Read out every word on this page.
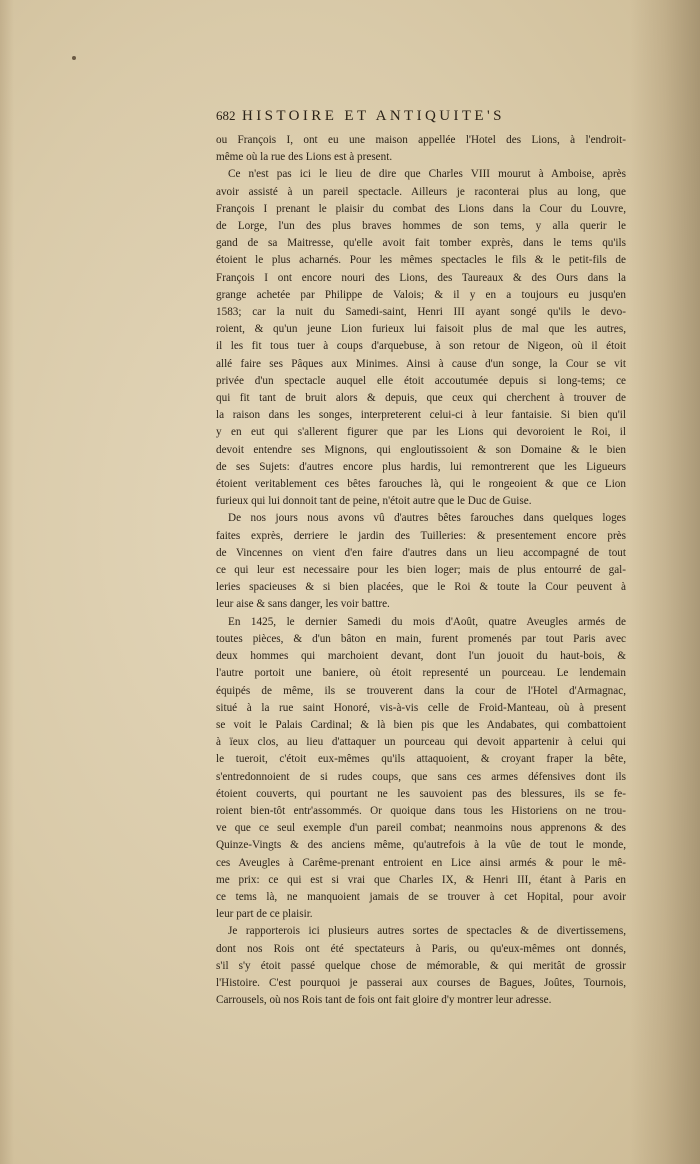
682 HISTOIRE ET ANTIQUITE'S
ou François I, ont eu une maison appellée l'Hotel des Lions, à l'endroit-
même où la rue des Lions est à present.
Ce n'est pas ici le lieu de dire que Charles VIII mourut à Amboise, après
avoir assisté à un pareil spectacle. Ailleurs je raconterai plus au long, que
François I prenant le plaisir du combat des Lions dans la Cour du Louvre,
de Lorge, l'un des plus braves hommes de son tems, y alla querir le
gand de sa Maitresse, qu'elle avoit fait tomber exprès, dans le tems qu'ils
étoient le plus acharnés. Pour les mêmes spectacles le fils & le petit-fils de
François I ont encore nouri des Lions, des Taureaux & des Ours dans la
grange achetée par Philippe de Valois; & il y en a toujours eu jusqu'en
1583; car la nuit du Samedi-saint, Henri III ayant songé qu'ils le devo-
roient, & qu'un jeune Lion furieux lui faisoit plus de mal que les autres,
il les fit tous tuer à coups d'arquebuse, à son retour de Nigeon, où il étoit
allé faire ses Pâques aux Minimes. Ainsi à cause d'un songe, la Cour se vit
privée d'un spectacle auquel elle étoit accoutumée depuis si long-tems; ce
qui fit tant de bruit alors & depuis, que ceux qui cherchent à trouver de
la raison dans les songes, interpreterent celui-ci à leur fantaisie. Si bien qu'il
y en eut qui s'allerent figurer que par les Lions qui devoroient le Roi, il
devoit entendre ses Mignons, qui engloutissoient & son Domaine & le bien
de ses Sujets: d'autres encore plus hardis, lui remontrerent que les Ligueurs
étoient veritablement ces bêtes farouches là, qui le rongeoient & que ce Lion
furieux qui lui donnoit tant de peine, n'étoit autre que le Duc de Guise.
De nos jours nous avons vû d'autres bêtes farouches dans quelques loges
faites exprès, derriere le jardin des Tuilleries: & presentement encore près
de Vincennes on vient d'en faire d'autres dans un lieu accompagné de tout
ce qui leur est necessaire pour les bien loger; mais de plus entourré de gal-
leries spacieuses & si bien placées, que le Roi & toute la Cour peuvent à
leur aise & sans danger, les voir battre.
En 1425, le dernier Samedi du mois d'Août, quatre Aveugles armés de
toutes pièces, & d'un bâton en main, furent promenés par tout Paris avec
deux hommes qui marchoient devant, dont l'un jouoit du haut-bois, &
l'autre portoit une baniere, où étoit representé un pourceau. Le lendemain
équipés de même, ils se trouverent dans la cour de l'Hotel d'Armagnac,
situé à la rue saint Honoré, vis-à-vis celle de Froid-Manteau, où à present
se voit le Palais Cardinal; & là bien pis que les Andabates, qui combattoient
à ïeux clos, au lieu d'attaquer un pourceau qui devoit appartenir à celui qui
le tueroit, c'étoit eux-mêmes qu'ils attaquoient, & croyant fraper la bête,
s'entredonnoient de si rudes coups, que sans ces armes défensives dont ils
étoient couverts, qui pourtant ne les sauvoient pas des blessures, ils se fe-
roient bien-tôt entr'assommés. Or quoique dans tous les Historiens on ne trou-
ve que ce seul exemple d'un pareil combat; neanmoins nous apprenons & des
Quinze-Vingts & des anciens même, qu'autrefois à la vûe de tout le monde,
ces Aveugles à Carême-prenant entroient en Lice ainsi armés & pour le mê-
me prix: ce qui est si vrai que Charles IX, & Henri III, étant à Paris en
ce tems là, ne manquoient jamais de se trouver à cet Hopital, pour avoir
leur part de ce plaisir.
Je rapporterois ici plusieurs autres sortes de spectacles & de divertissemens,
dont nos Rois ont été spectateurs à Paris, ou qu'eux-mêmes ont donnés,
s'il s'y étoit passé quelque chose de mémorable, & qui meritât de grossir
l'Histoire. C'est pourquoi je passerai aux courses de Bagues, Joûtes, Tournois,
Carrousels, où nos Rois tant de fois ont fait gloire d'y montrer leur adresse.
